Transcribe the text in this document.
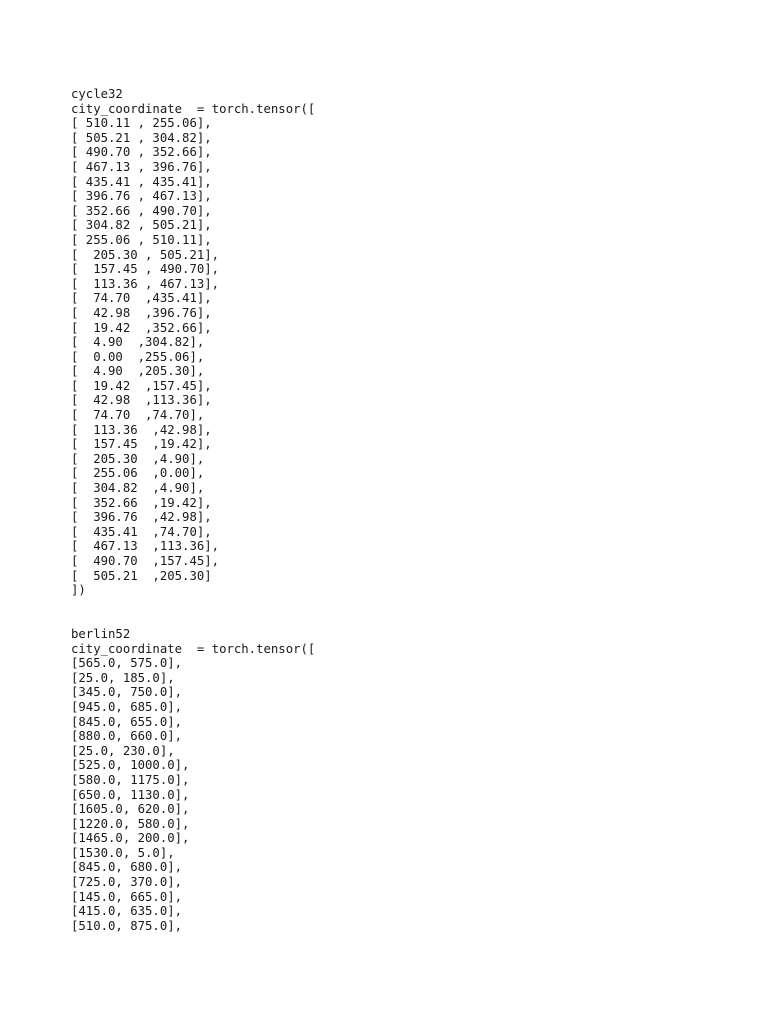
cycle32
city_coordinate  = torch.tensor([
[ 510.11 , 255.06],
[ 505.21 , 304.82],
[ 490.70 , 352.66],
[ 467.13 , 396.76],
[ 435.41 , 435.41],
[ 396.76 , 467.13],
[ 352.66 , 490.70],
[ 304.82 , 505.21],
[ 255.06 , 510.11],
[  205.30 , 505.21],
[  157.45 , 490.70],
[  113.36 , 467.13],
[  74.70  ,435.41],
[  42.98  ,396.76],
[  19.42  ,352.66],
[  4.90  ,304.82],
[  0.00  ,255.06],
[  4.90  ,205.30],
[  19.42  ,157.45],
[  42.98  ,113.36],
[  74.70  ,74.70],
[  113.36  ,42.98],
[  157.45  ,19.42],
[  205.30  ,4.90],
[  255.06  ,0.00],
[  304.82  ,4.90],
[  352.66  ,19.42],
[  396.76  ,42.98],
[  435.41  ,74.70],
[  467.13  ,113.36],
[  490.70  ,157.45],
[  505.21  ,205.30]
])
berlin52
city_coordinate  = torch.tensor([
[565.0, 575.0],
[25.0, 185.0],
[345.0, 750.0],
[945.0, 685.0],
[845.0, 655.0],
[880.0, 660.0],
[25.0, 230.0],
[525.0, 1000.0],
[580.0, 1175.0],
[650.0, 1130.0],
[1605.0, 620.0],
[1220.0, 580.0],
[1465.0, 200.0],
[1530.0, 5.0],
[845.0, 680.0],
[725.0, 370.0],
[145.0, 665.0],
[415.0, 635.0],
[510.0, 875.0],
